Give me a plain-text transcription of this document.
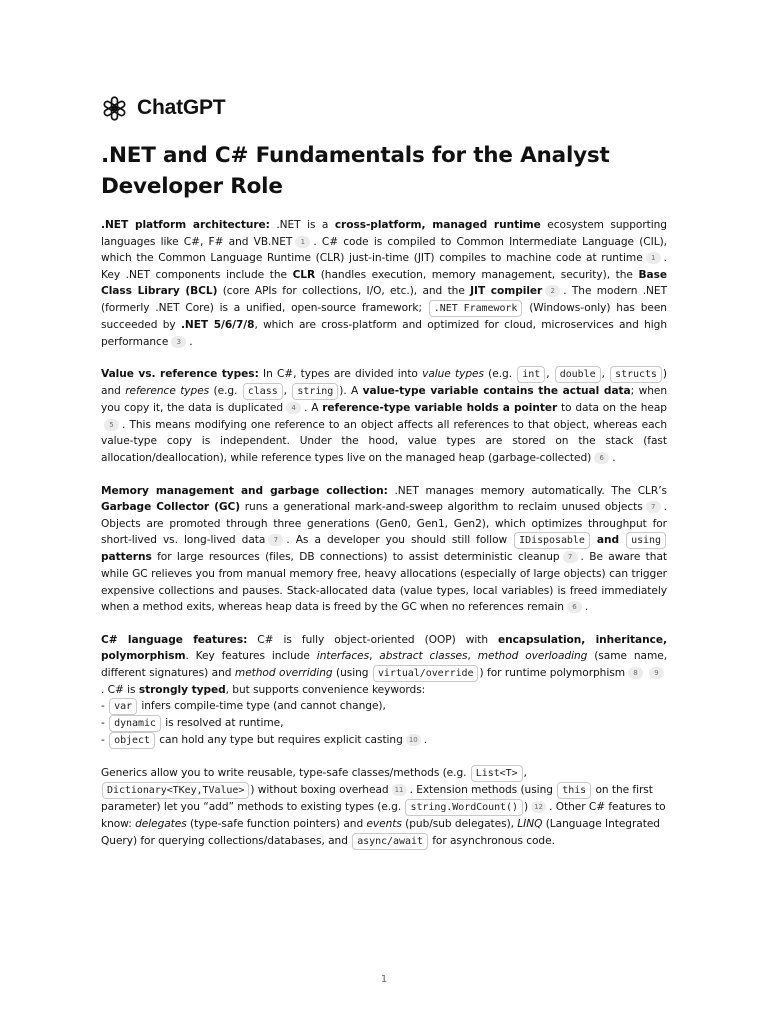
ChatGPT
.NET and C# Fundamentals for the Analyst Developer Role

.NET platform architecture: .NET is a cross-platform, managed runtime ecosystem supporting languages like C#, F# and VB.NET 1 . C# code is compiled to Common Intermediate Language (CIL), which the Common Language Runtime (CLR) just-in-time (JIT) compiles to machine code at runtime 1 . Key .NET components include the CLR (handles execution, memory management, security), the Base Class Library (BCL) (core APIs for collections, I/O, etc.), and the JIT compiler 2 . The modern .NET (formerly .NET Core) is a unified, open-source framework; .NET Framework (Windows-only) has been succeeded by .NET 5/6/7/8, which are cross-platform and optimized for cloud, microservices and high performance 3 .

Value vs. reference types: In C#, types are divided into value types (e.g. int , double , structs ) and reference types (e.g. class , string ). A value-type variable contains the actual data; when you copy it, the data is duplicated 4 . A reference-type variable holds a pointer to data on the heap5 . This means modifying one reference to an object affects all references to that object, whereas each value-type copy is independent. Under the hood, value types are stored on the stack (fast allocation/deallocation), while reference types live on the managed heap (garbage-collected) 6 .

Memory management and garbage collection: .NET manages memory automatically. The CLR’s Garbage Collector (GC) runs a generational mark-and-sweep algorithm to reclaim unused objects 7 . Objects are promoted through three generations (Gen0, Gen1, Gen2), which optimizes throughput for short-lived vs. long-lived data 7 . As a developer you should still follow IDisposable and using patterns for large resources (files, DB connections) to assist deterministic cleanup 7 . Be aware that while GC relieves you from manual memory free, heavy allocations (especially of large objects) can trigger expensive collections and pauses. Stack-allocated data (value types, local variables) is freed immediately when a method exits, whereas heap data is freed by the GC when no references remain 6 .

C# language features: C# is fully object-oriented (OOP) with encapsulation, inheritance, polymorphism. Key features include interfaces, abstract classes, method overloading (same name, different signatures) and method overriding (using virtual/override ) for runtime polymorphism 8 9. C# is strongly typed, but supports convenience keywords:
- var infers compile-time type (and cannot change),
- dynamic is resolved at runtime,
- object can hold any type but requires explicit casting 10 .

Generics allow you to write reusable, type-safe classes/methods (e.g. List<T> , Dictionary<TKey,TValue> ) without boxing overhead 11 . Extension methods (using this on the first parameter) let you “add” methods to existing types (e.g. string.WordCount() ) 12 . Other C# features to know: delegates (type-safe function pointers) and events (pub/sub delegates), LINQ (Language Integrated Query) for querying collections/databases, and async/await for asynchronous code.

1
